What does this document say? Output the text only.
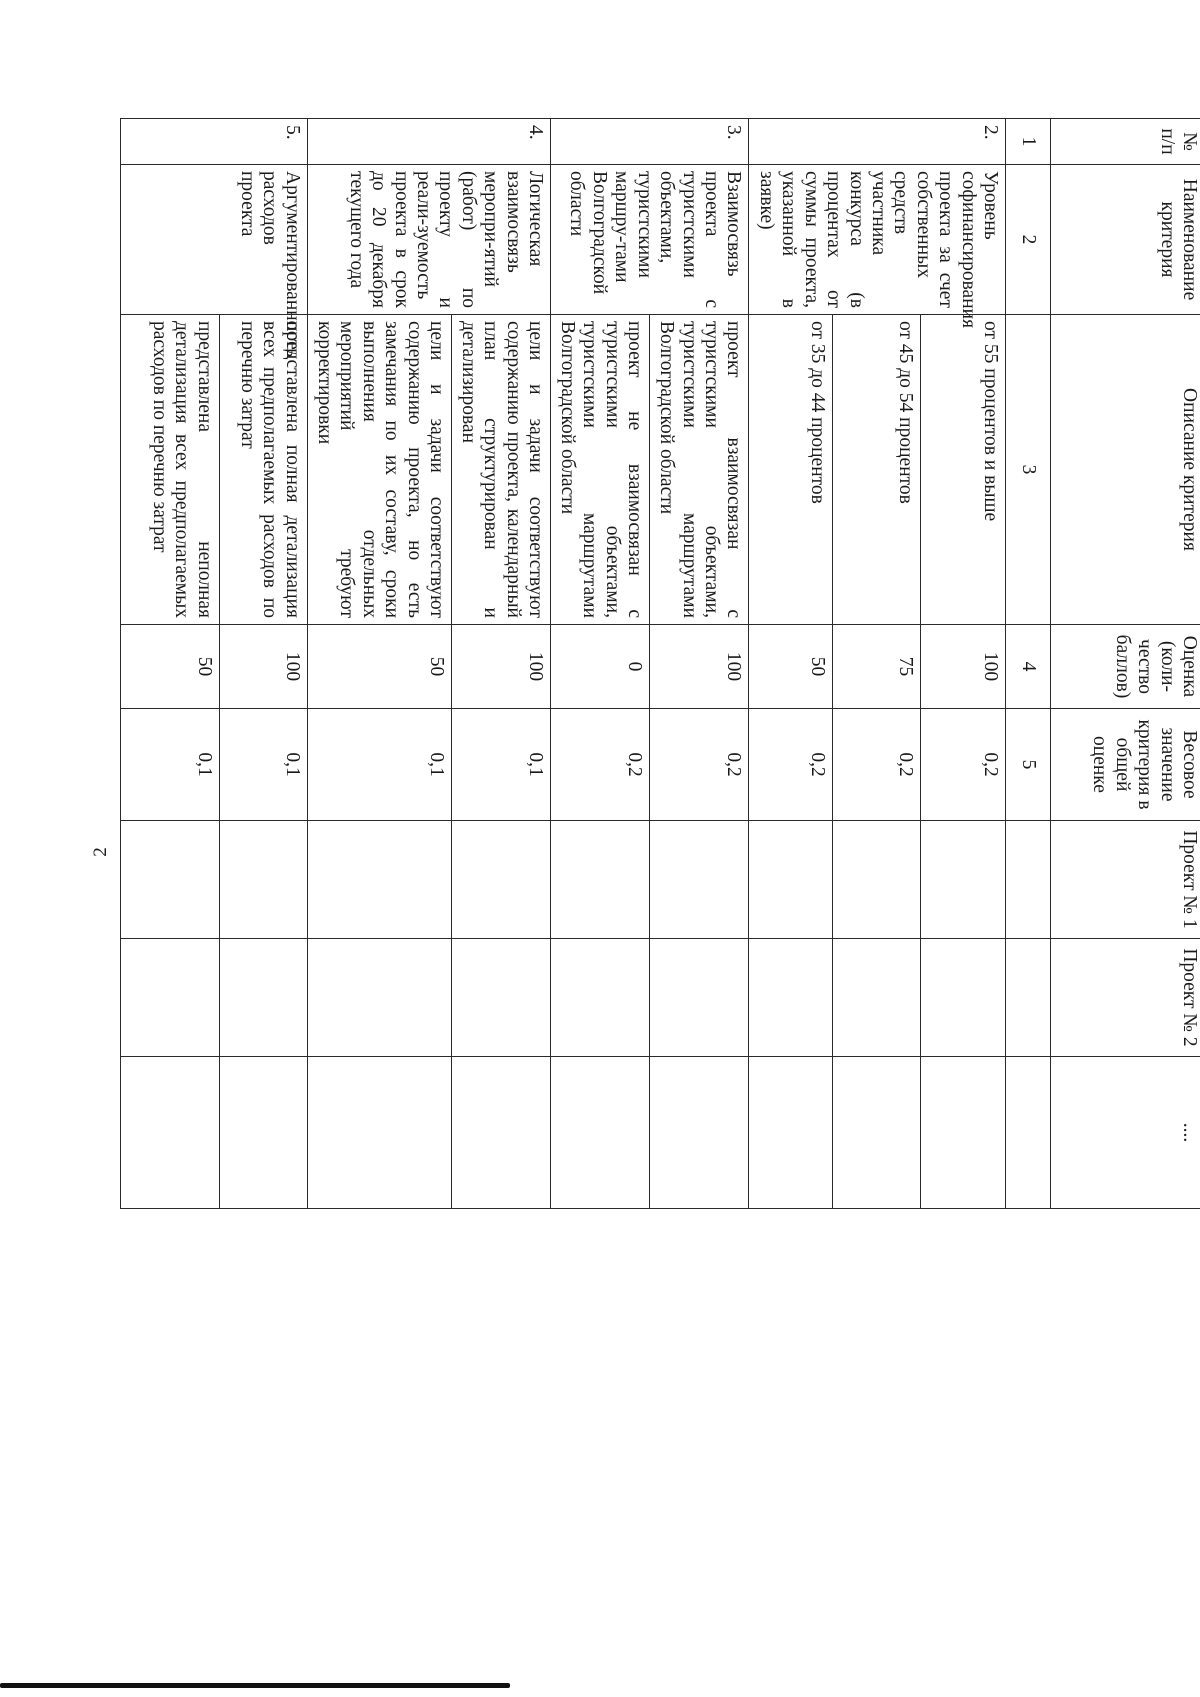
2
№ п/п	Наименование критерия	Описание критерия	Оценка (коли-чество баллов)	Весовое значение критерия в общей оценке	Проект № 1	Проект № 2	....
1	2	3	4	5			
2.	Уровень софинансирования проекта за счет собственных средств участника конкурса (в процентах от суммы проекта, указанной в заявке)	от 55 процентов и выше	100	0,2			
		от 45 до 54 процентов	75	0,2			
		от 35 до 44 процентов	50	0,2			
3.	Взаимосвязь проекта с туристскими объектами, туристскими маршру-тами Волгоградской области	проект взаимосвязан с туристскими объектами, туристскими маршрутами Волгоградской области	100	0,2			
		проект не взаимосвязан с туристскими объектами, туристскими маршрутами Волгоградской области	0	0,2			
4.	Логическая взаимосвязь меропри-ятий (работ) по проекту и реали-зуемость проекта в срок до 20 декабря текущего года	цели и задачи соответствуют содержанию проекта, календарный план структурирован и детализирован	100	0,1			
		цели и задачи соответствуют содержанию проекта, но есть замечания по их составу, сроки выполнения отдельных мероприятий требуют корректировки	50	0,1			
5.	Аргументированность расходов проекта	представлена полная детализация всех предполагаемых расходов по перечню затрат	100	0,1			
		представлена неполная детализация всех предполагаемых расходов по перечню затрат	50	0,1			
